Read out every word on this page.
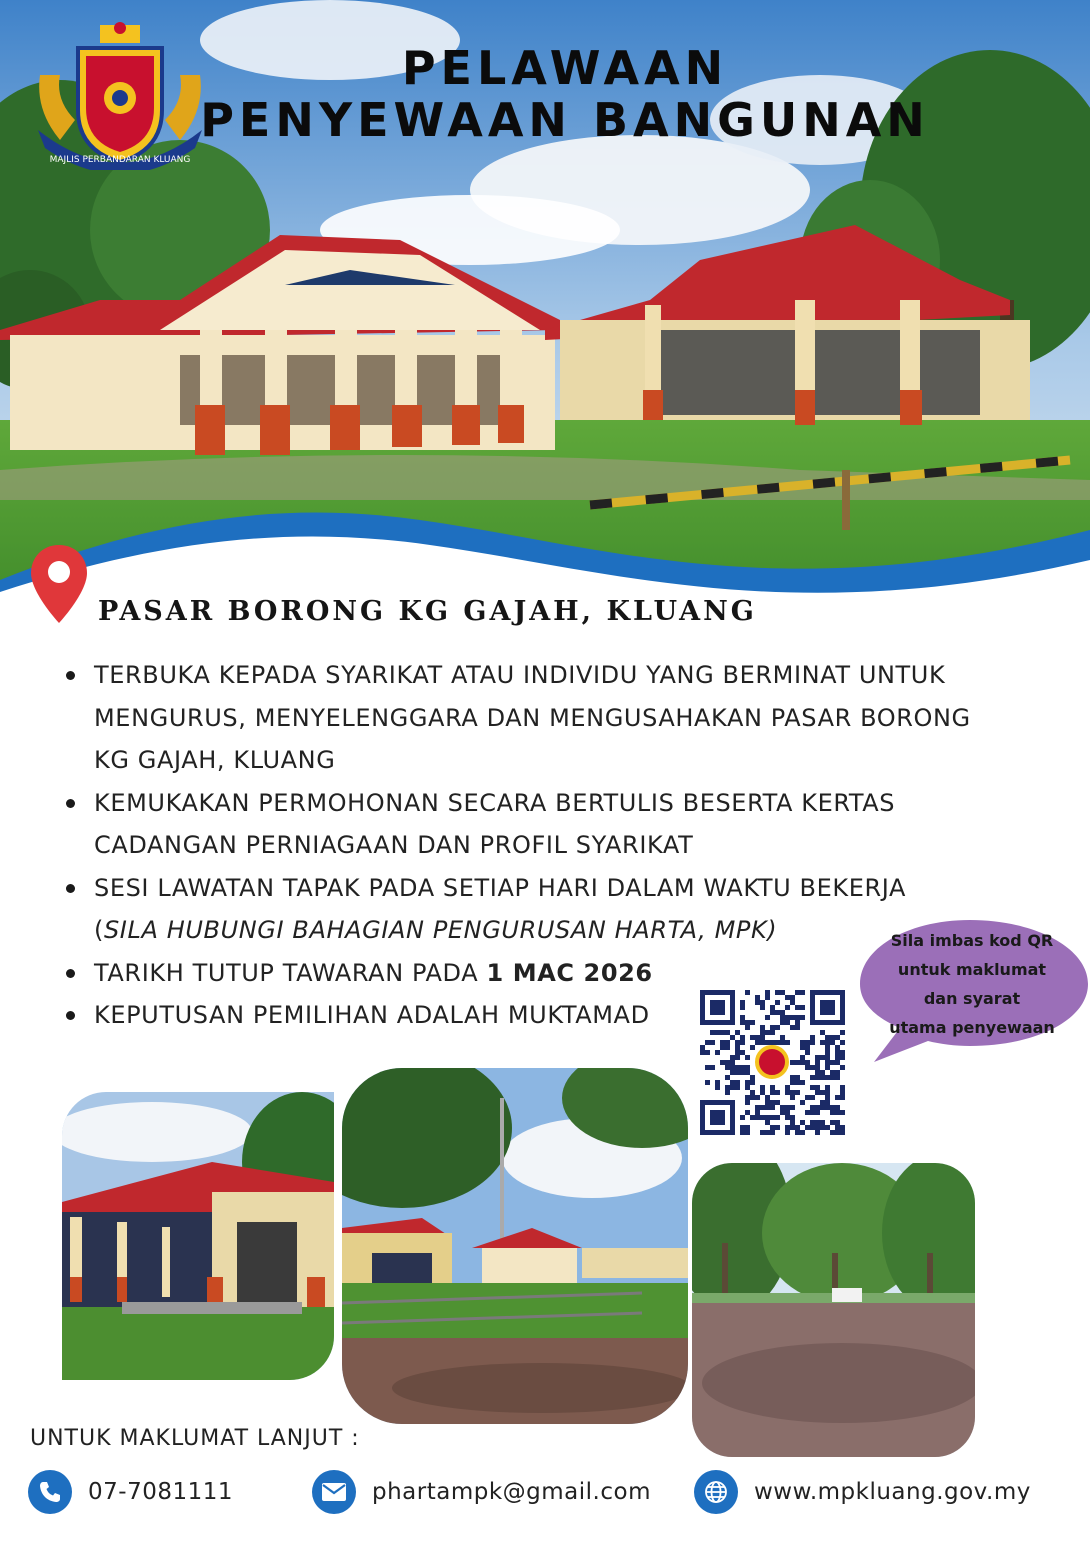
MAJLIS PERBANDARAN KLUANG
PELAWAAN
PENYEWAAN BANGUNAN
PASAR BORONG KG GAJAH, KLUANG
TERBUKA KEPADA SYARIKAT ATAU INDIVIDU YANG BERMINAT UNTUK MENGURUS, MENYELENGGARA DAN MENGUSAHAKAN PASAR BORONG KG GAJAH, KLUANG
KEMUKAKAN PERMOHONAN SECARA BERTULIS BESERTA KERTAS CADANGAN PERNIAGAAN DAN PROFIL SYARIKAT
SESI LAWATAN TAPAK PADA SETIAP HARI DALAM WAKTU BEKERJA
(SILA HUBUNGI BAHAGIAN PENGURUSAN HARTA, MPK)
TARIKH TUTUP TAWARAN PADA 1 MAC 2026
KEPUTUSAN PEMILIHAN ADALAH MUKTAMAD
Sila imbas kod QR
untuk maklumat
dan syarat
utama penyewaan
UNTUK MAKLUMAT LANJUT :
07-7081111	phartampk@gmail.com	www.mpkluang.gov.my
